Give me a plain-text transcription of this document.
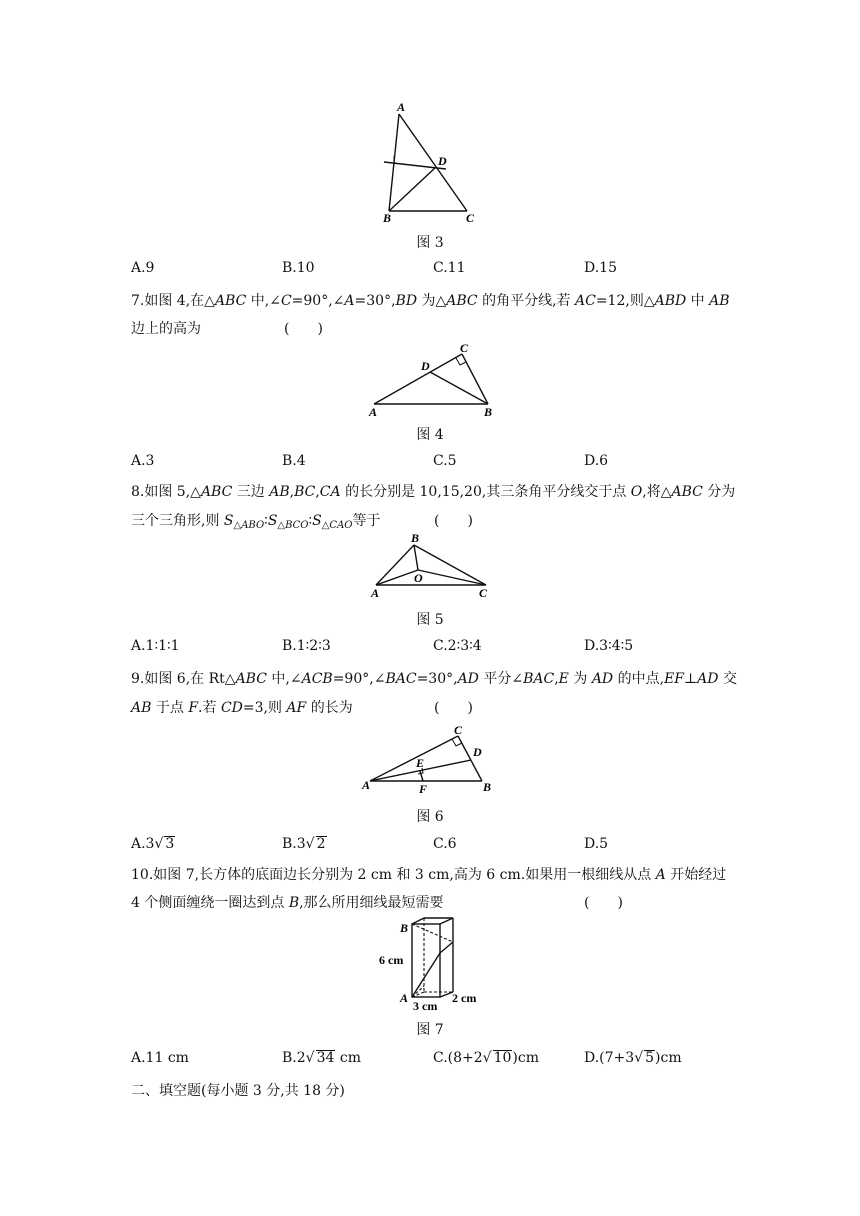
A
D
B	C
图 3
A.9	B.10	C.11	D.15
7.如图 4,在△ABC 中,∠C=90°,∠A=30°,BD 为△ABC 的角平分线,若 AC=12,则△ABD 中 AB
边上的高为	(　　)
C
D
A	B
图 4
A.3	B.4	C.5	D.6
8.如图 5,△ABC 三边 AB,BC,CA 的长分别是 10,15,20,其三条角平分线交于点 O,将△ABC 分为
三个三角形,则 $S_{\triangle ABO}∶S_{\triangle BCO}∶S_{\triangle CAO}$等于	(　　)
B
O
A	C
图 5
A.1∶1∶1	B.1∶2∶3	C.2∶3∶4	D.3∶4∶5
9.如图 6,在 Rt△ABC 中,∠ACB=90°,∠BAC=30°,AD 平分∠BAC,E 为 AD 的中点,EF⊥AD 交
AB 于点 F.若 CD=3,则 AF 的长为	(　　)
C
D
E
A	F	B
图 6
A.3√ 3	B.3√ 2	C.6	D.5
10.如图 7,长方体的底面边长分别为 2 cm 和 3 cm,高为 6 cm.如果用一根细线从点 A 开始经过
4 个侧面缠绕一圈达到点 B,那么所用细线最短需要	(　　)
B
6 cm
A
3 cm
2 cm
图 7
A.11 cm	B.2√ 34 cm	C.(8+2√ 10)cm	D.(7+3√ 5)cm
二、填空题(每小题 3 分,共 18 分)
